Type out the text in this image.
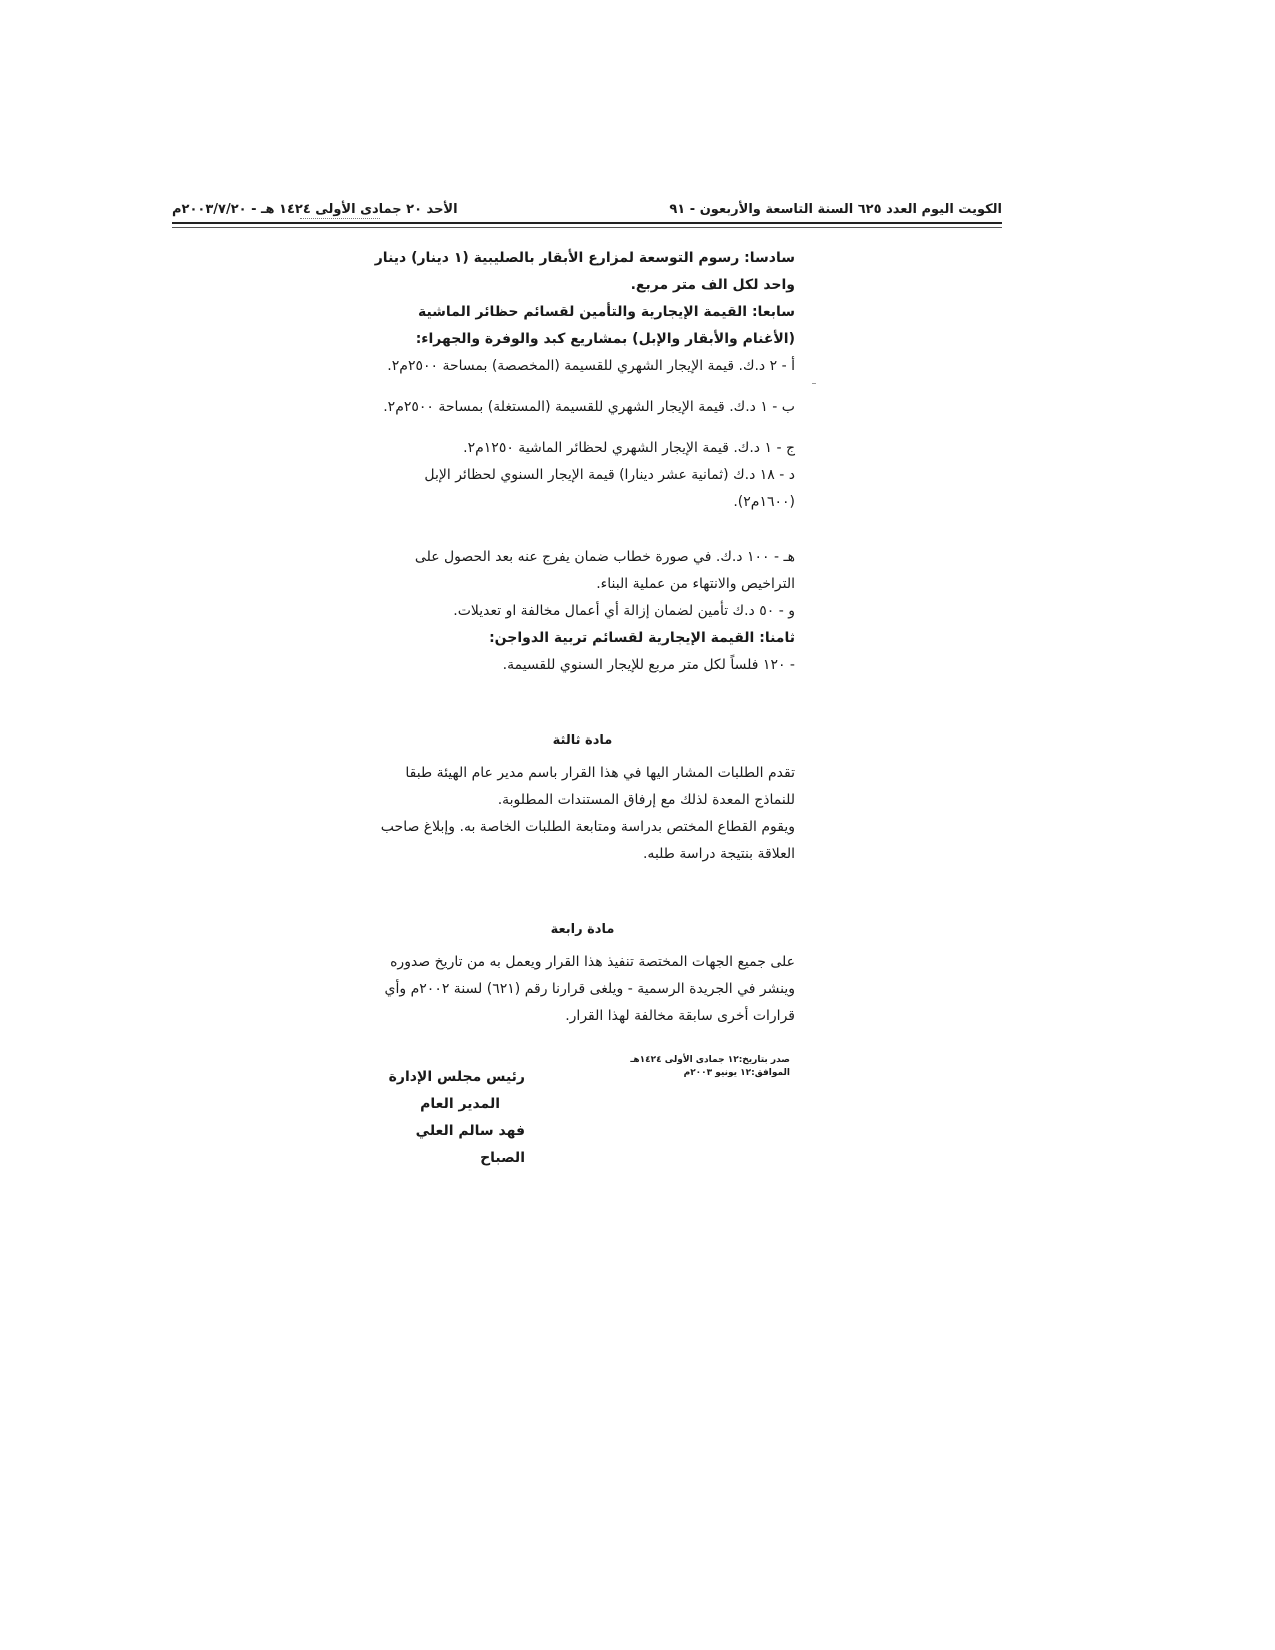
الكويت اليوم العدد ٦٢٥ السنة التاسعة والأربعون - ٩١
الأحد ٢٠ جمادى الأولى ١٤٢٤ هـ - ٢٠٠٣/٧/٢٠م

سادسا: رسوم التوسعة لمزارع الأبقار بالصليبية (١ دينار) دينار واحد لكل الف متر مربع.

سابعا: القيمة الإيجارية والتأمين لقسائم حظائر الماشية (الأغنام والأبقار والإبل) بمشاريع كبد والوفرة والجهراء:

أ - ٢ د.ك. قيمة الإيجار الشهري للقسيمة (المخصصة) بمساحة ٢٥٠٠م٢.

ب - ١ د.ك. قيمة الإيجار الشهري للقسيمة (المستغلة) بمساحة ٢٥٠٠م٢.

ج - ١ د.ك. قيمة الإيجار الشهري لحظائر الماشية ١٢٥٠م٢.

د - ١٨ د.ك (ثمانية عشر دينارا) قيمة الإيجار السنوي لحظائر الإبل (١٦٠٠م٢).

هـ - ١٠٠ د.ك. في صورة خطاب ضمان يفرج عنه بعد الحصول على التراخيص والانتهاء من عملية البناء.

و - ٥٠ د.ك تأمين لضمان إزالة أي أعمال مخالفة او تعديلات.

ثامنا: القيمة الإيجارية لقسائم تربية الدواجن:

- ١٢٠ فلساً لكل متر مربع للإيجار السنوي للقسيمة.

مادة ثالثة

تقدم الطلبات المشار اليها في هذا القرار باسم مدير عام الهيئة طبقا للنماذج المعدة لذلك مع إرفاق المستندات المطلوبة.

ويقوم القطاع المختص بدراسة ومتابعة الطلبات الخاصة به. وإبلاغ صاحب العلاقة بنتيجة دراسة طلبه.

مادة رابعة

على جميع الجهات المختصة تنفيذ هذا القرار ويعمل به من تاريخ صدوره وينشر في الجريدة الرسمية - ويلغى قرارنا رقم (٦٢١) لسنة ٢٠٠٢م وأي قرارات أخرى سابقة مخالفة لهذا القرار.

رئيس مجلس الإدارة
المدير العام
فهد سالم العلي الصباح
صدر بتاريخ:١٢ جمادى الأولى ١٤٢٤هـ
الموافق:١٢ يونيو ٢٠٠٣م
